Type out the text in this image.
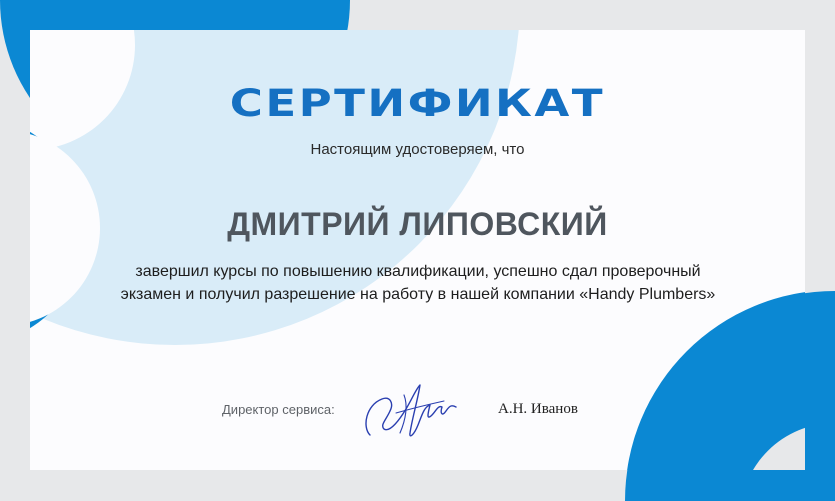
СЕРТИФИКАТ
Настоящим удостоверяем, что
ДМИТРИЙ ЛИПОВСКИЙ
завершил курсы по повышению квалификации, успешно сдал проверочный экзамен и получил разрешение на работу в нашей компании «Handy Plumbers»
Директор сервиса:	А.Н. Иванов
